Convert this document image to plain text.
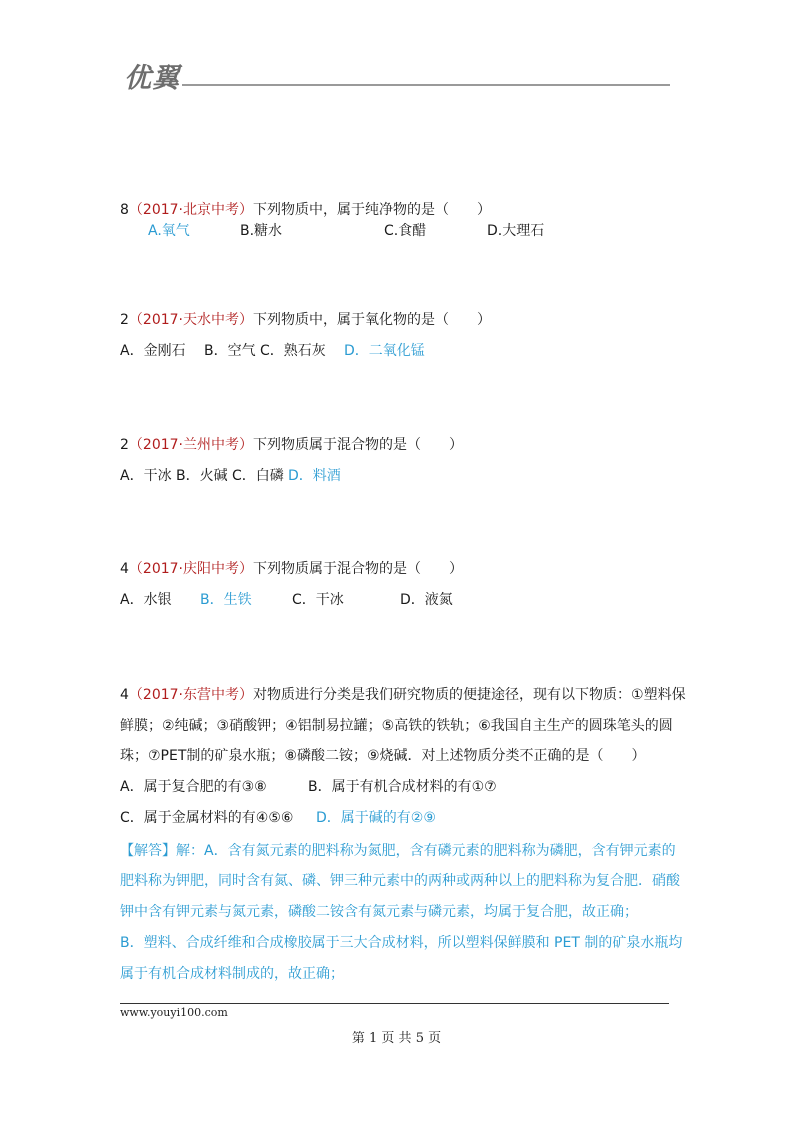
优翼
8（2017·北京中考）下列物质中，属于纯净物的是（　　）
A.氧气	B.糖水	C.食醋	D.大理石
2（2017·天水中考）下列物质中，属于氧化物的是（　　）
A．金刚石 B．空气 C．熟石灰 D．二氧化锰
2（2017·兰州中考）下列物质属于混合物的是（　　）
A．干冰 B．火碱 C．白磷 D．料酒
4（2017·庆阳中考）下列物质属于混合物的是（　　）
A．水银 B．生铁	C．干冰	D．液氮
4（2017·东营中考）对物质进行分类是我们研究物质的便捷途径，现有以下物质：①塑料保
鲜膜；②纯碱；③硝酸钾；④铝制易拉罐；⑤高铁的铁轨；⑥我国自主生产的圆珠笔头的圆
珠；⑦PET制的矿泉水瓶；⑧磷酸二铵；⑨烧碱．对上述物质分类不正确的是（　　）
A．属于复合肥的有③⑧	B．属于有机合成材料的有①⑦
C．属于金属材料的有④⑤⑥ D．属于碱的有②⑨
【解答】解：A．含有氮元素的肥料称为氮肥，含有磷元素的肥料称为磷肥，含有钾元素的
肥料称为钾肥，同时含有氮、磷、钾三种元素中的两种或两种以上的肥料称为复合肥．硝酸
钾中含有钾元素与氮元素，磷酸二铵含有氮元素与磷元素，均属于复合肥，故正确；
B．塑料、合成纤维和合成橡胶属于三大合成材料，所以塑料保鲜膜和 PET 制的矿泉水瓶均
属于有机合成材料制成的，故正确；
www.youyi100.com
第 1 页 共 5 页
